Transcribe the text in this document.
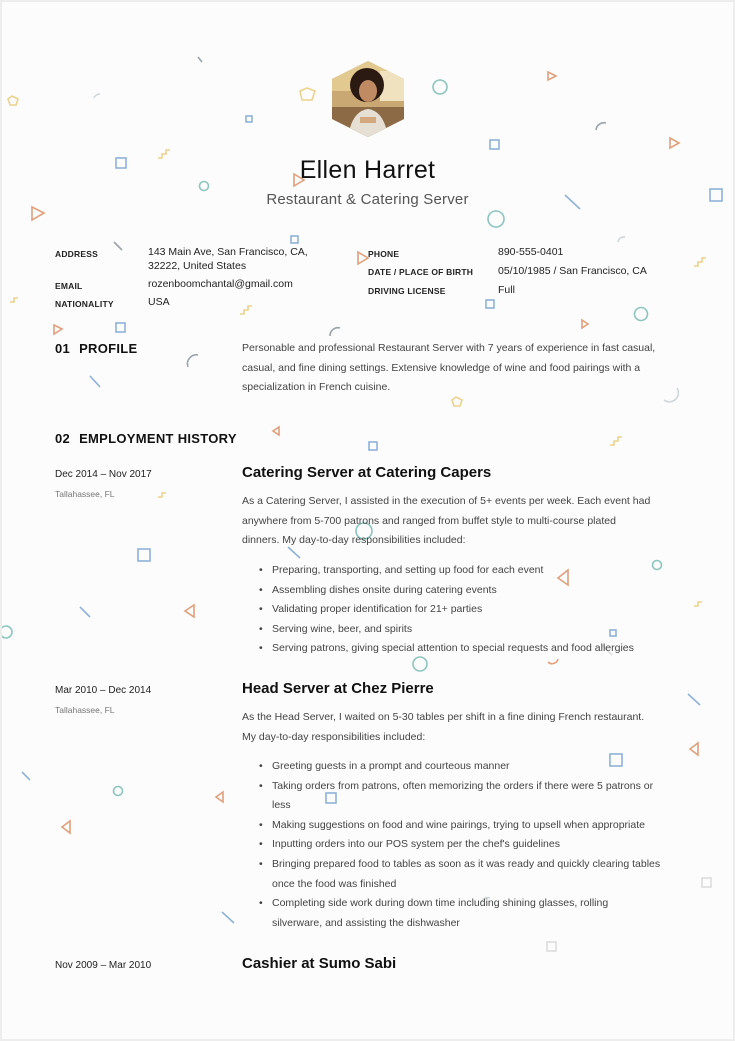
Ellen Harret
Restaurant & Catering Server
ADDRESS	143 Main Ave, San Francisco, CA,
32222, United States
EMAIL	rozenboomchantal@gmail.com
NATIONALITY	USA
PHONE	890-555-0401
DATE / PLACE OF BIRTH 05/10/1985 / San Francisco, CA
DRIVING LICENSE	Full
01 PROFILE	Personable and professional Restaurant Server with 7 years of experience in fast casual,
casual, and fine dining settings. Extensive knowledge of wine and food pairings with a
specialization in French cuisine.
02 EMPLOYMENT HISTORY
Dec 2014 – Nov 2017
Tallahassee, FL
Catering Server at Catering Capers
As a Catering Server, I assisted in the execution of 5+ events per week. Each event had
anywhere from 5-700 patrons and ranged from buffet style to multi-course plated
dinners. My day-to-day responsibilities included:
• Preparing, transporting, and setting up food for each event
• Assembling dishes onsite during catering events
• Validating proper identification for 21+ parties
• Serving wine, beer, and spirits
• Serving patrons, giving special attention to special requests and food allergies
Mar 2010 – Dec 2014
Tallahassee, FL
Head Server at Chez Pierre
As the Head Server, I waited on 5-30 tables per shift in a fine dining French restaurant.
My day-to-day responsibilities included:
• Greeting guests in a prompt and courteous manner
• Taking orders from patrons, often memorizing the orders if there were 5 patrons or
less
• Making suggestions on food and wine pairings, trying to upsell when appropriate
• Inputting orders into our POS system per the chef's guidelines
• Bringing prepared food to tables as soon as it was ready and quickly clearing tables
once the food was finished
• Completing side work during down time including shining glasses, rolling
silverware, and assisting the dishwasher
Nov 2009 – Mar 2010	Cashier at Sumo Sabi
